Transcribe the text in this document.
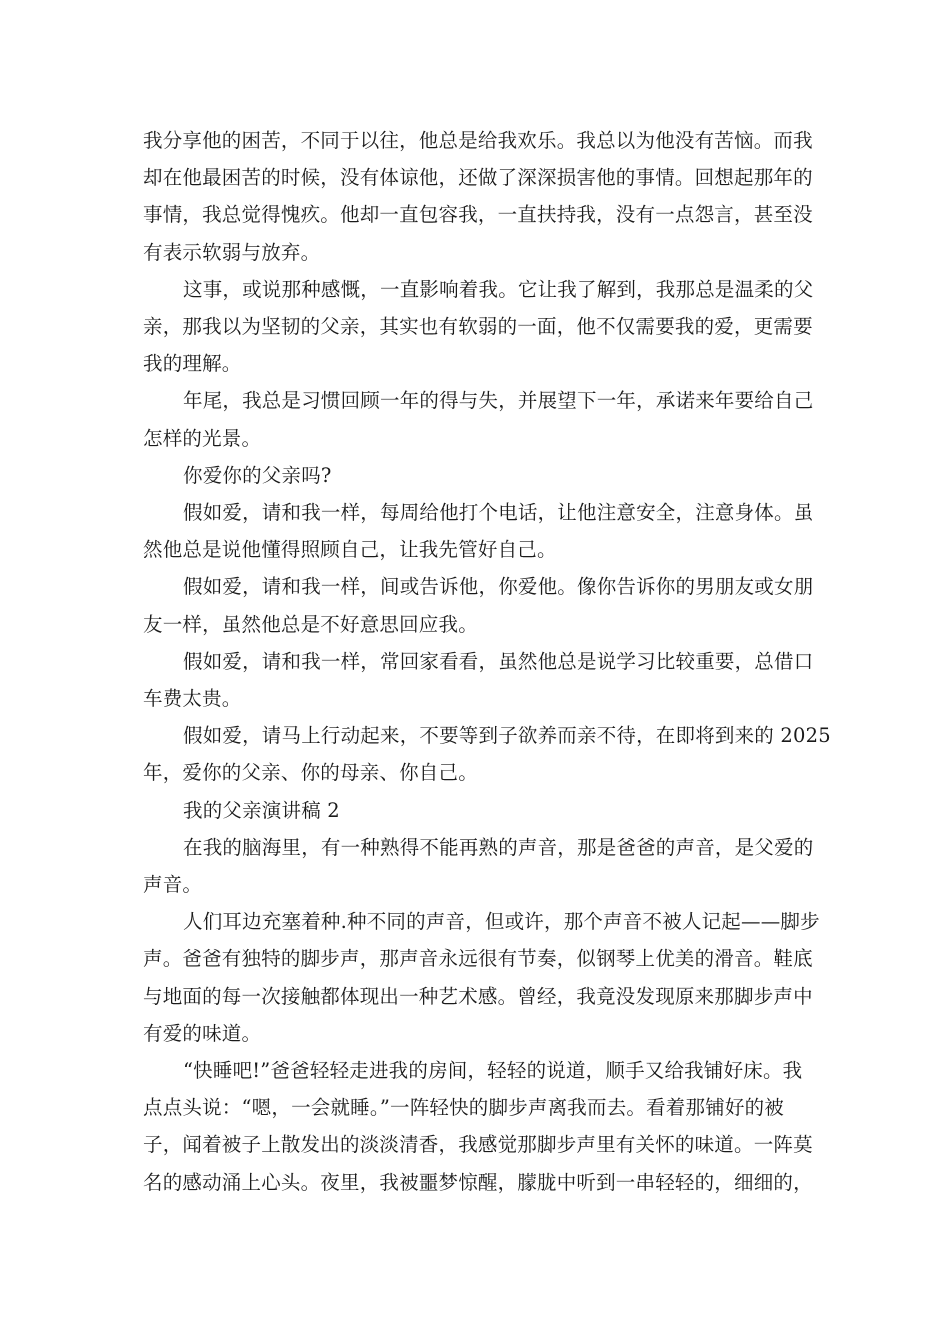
我分享他的困苦，不同于以往，他总是给我欢乐。我总以为他没有苦恼。而我
却在他最困苦的时候，没有体谅他，还做了深深损害他的事情。回想起那年的
事情，我总觉得愧疚。他却一直包容我，一直扶持我，没有一点怨言，甚至没
有表示软弱与放弃。
这事，或说那种感慨，一直影响着我。它让我了解到，我那总是温柔的父
亲，那我以为坚韧的父亲，其实也有软弱的一面，他不仅需要我的爱，更需要
我的理解。
年尾，我总是习惯回顾一年的得与失，并展望下一年，承诺来年要给自己
怎样的光景。
你爱你的父亲吗?
假如爱，请和我一样，每周给他打个电话，让他注意安全，注意身体。虽
然他总是说他懂得照顾自己，让我先管好自己。
假如爱，请和我一样，间或告诉他，你爱他。像你告诉你的男朋友或女朋
友一样，虽然他总是不好意思回应我。
假如爱，请和我一样，常回家看看，虽然他总是说学习比较重要，总借口
车费太贵。
假如爱，请马上行动起来，不要等到子欲养而亲不待，在即将到来的 2025
年，爱你的父亲、你的母亲、你自己。
我的父亲演讲稿 2
在我的脑海里，有一种熟得不能再熟的声音，那是爸爸的声音，是父爱的
声音。
人们耳边充塞着种.种不同的声音，但或许，那个声音不被人记起——脚步
声。爸爸有独特的脚步声，那声音永远很有节奏，似钢琴上优美的滑音。鞋底
与地面的每一次接触都体现出一种艺术感。曾经，我竟没发现原来那脚步声中
有爱的味道。
“快睡吧!”爸爸轻轻走进我的房间，轻轻的说道，顺手又给我铺好床。我
点点头说：“嗯，一会就睡。”一阵轻快的脚步声离我而去。看着那铺好的被
子，闻着被子上散发出的淡淡清香，我感觉那脚步声里有关怀的味道。一阵莫
名的感动涌上心头。夜里，我被噩梦惊醒，朦胧中听到一串轻轻的，细细的，
